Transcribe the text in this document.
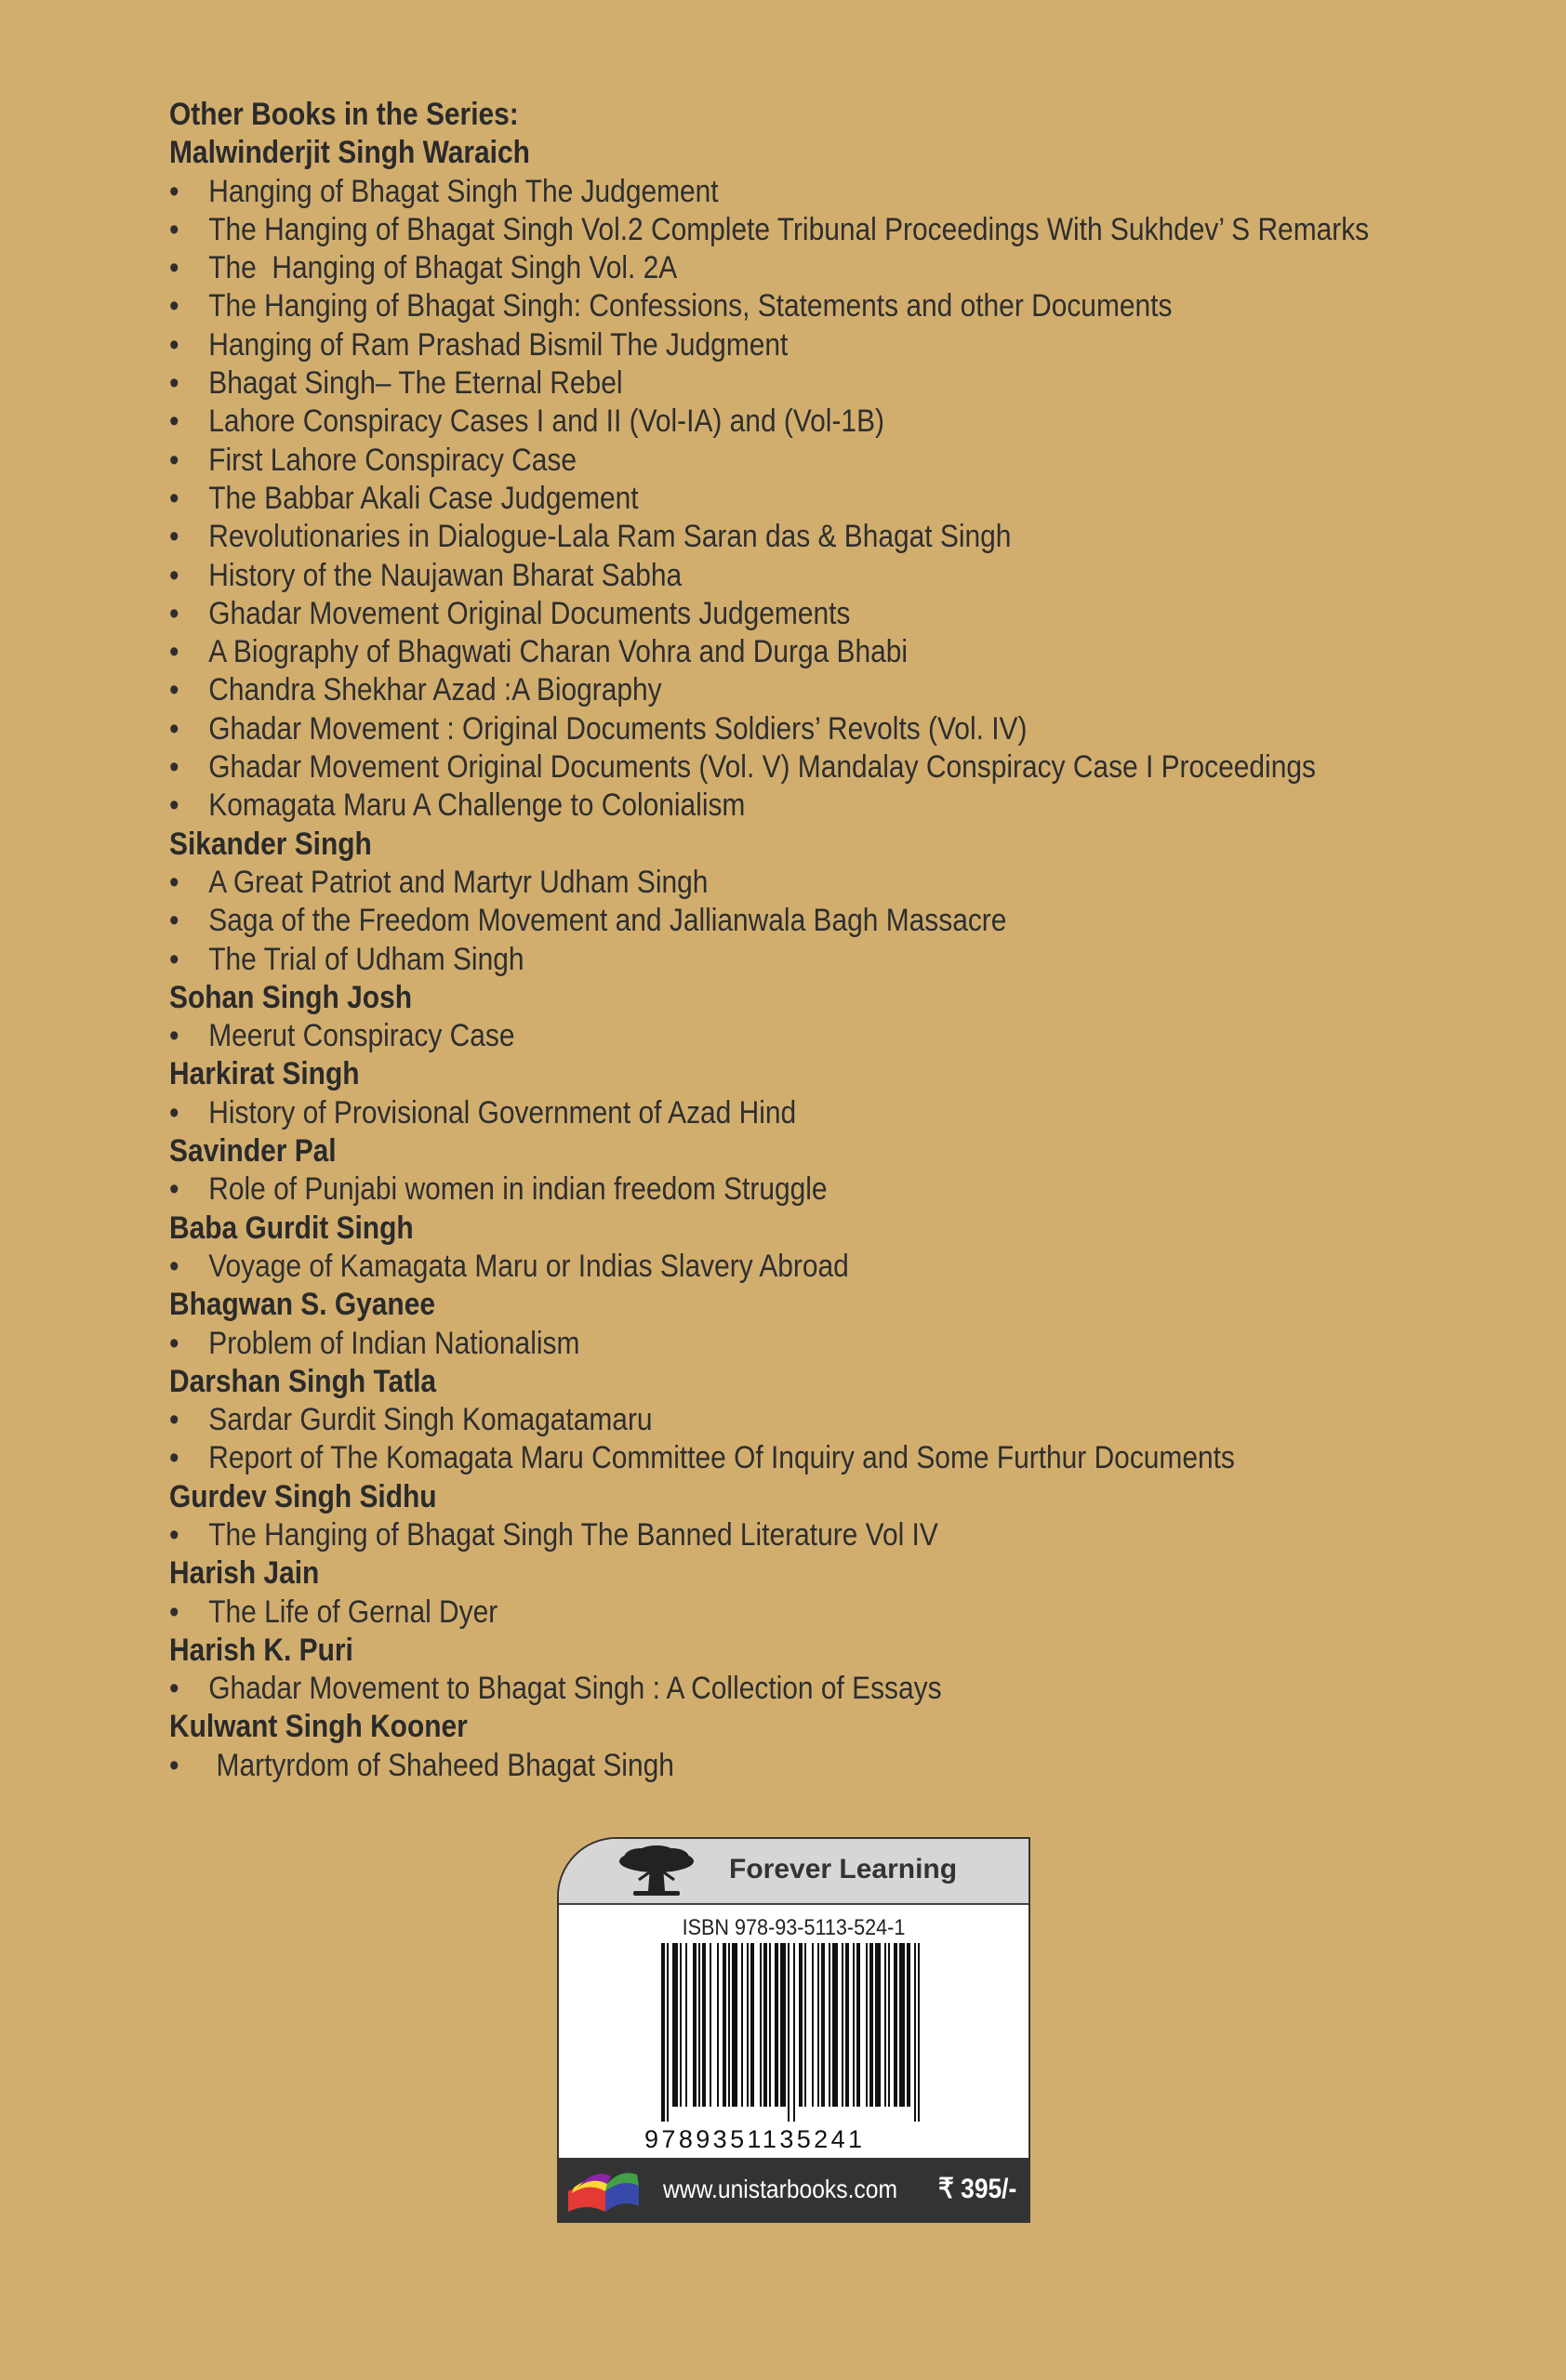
Other Books in the Series:
Malwinderjit Singh Waraich
• Hanging of Bhagat Singh The Judgement
• The Hanging of Bhagat Singh Vol.2 Complete Tribunal Proceedings With Sukhdev’ S Remarks
• The  Hanging of Bhagat Singh Vol. 2A
• The Hanging of Bhagat Singh: Confessions, Statements and other Documents
• Hanging of Ram Prashad Bismil The Judgment
• Bhagat Singh– The Eternal Rebel
• Lahore Conspiracy Cases I and II (Vol-IA) and (Vol-1B)
• First Lahore Conspiracy Case
• The Babbar Akali Case Judgement
• Revolutionaries in Dialogue-Lala Ram Saran das & Bhagat Singh
• History of the Naujawan Bharat Sabha
• Ghadar Movement Original Documents Judgements
• A Biography of Bhagwati Charan Vohra and Durga Bhabi
• Chandra Shekhar Azad :A Biography
• Ghadar Movement : Original Documents Soldiers’ Revolts (Vol. IV)
• Ghadar Movement Original Documents (Vol. V) Mandalay Conspiracy Case I Proceedings
• Komagata Maru A Challenge to Colonialism
Sikander Singh
• A Great Patriot and Martyr Udham Singh
• Saga of the Freedom Movement and Jallianwala Bagh Massacre
• The Trial of Udham Singh
Sohan Singh Josh
• Meerut Conspiracy Case
Harkirat Singh
• History of Provisional Government of Azad Hind
Savinder Pal
• Role of Punjabi women in indian freedom Struggle
Baba Gurdit Singh
• Voyage of Kamagata Maru or Indias Slavery Abroad
Bhagwan S. Gyanee
• Problem of Indian Nationalism
Darshan Singh Tatla
• Sardar Gurdit Singh Komagatamaru
• Report of The Komagata Maru Committee Of Inquiry and Some Furthur Documents
Gurdev Singh Sidhu
• The Hanging of Bhagat Singh The Banned Literature Vol IV
Harish Jain
• The Life of Gernal Dyer
Harish K. Puri
• Ghadar Movement to Bhagat Singh : A Collection of Essays
Kulwant Singh Kooner
• Martyrdom of Shaheed Bhagat Singh
Forever Learning
ISBN 978-93-5113-524-1
9789351135241
www.unistarbooks.com ₹ 395/-
